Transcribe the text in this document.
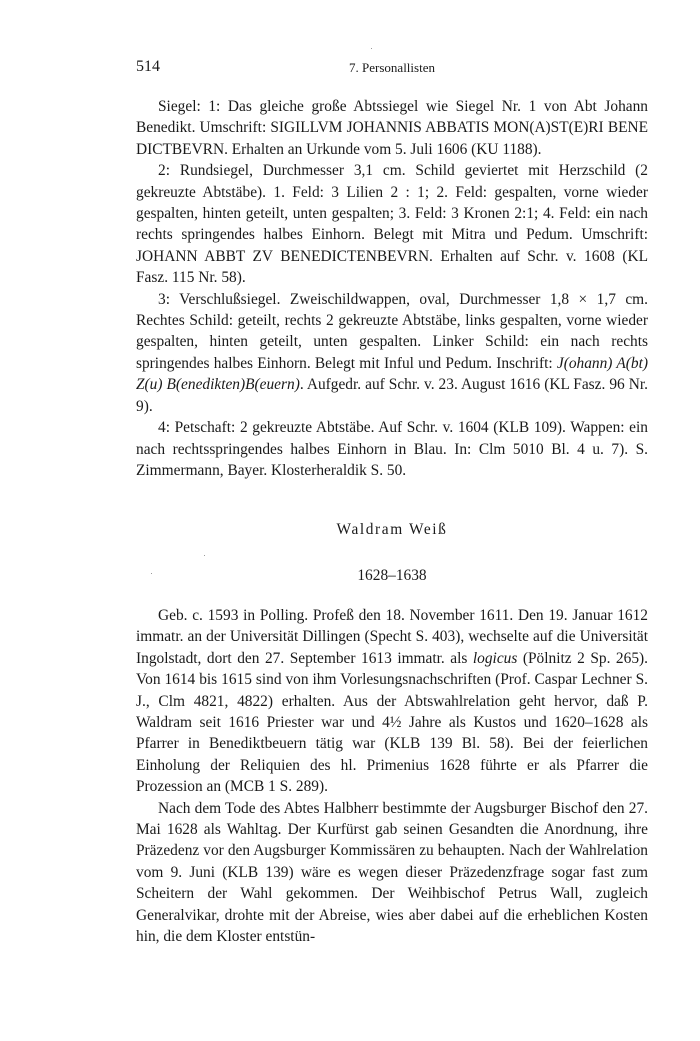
514	7. Personallisten

Siegel: 1: Das gleiche große Abtssiegel wie Siegel Nr. 1 von Abt Johann Benedikt. Umschrift: SIGILLVM JOHANNIS ABBATIS MON(A)ST(E)RI BENE DICTBEVRN. Erhalten an Urkunde vom 5. Juli 1606 (KU 1188).

2: Rundsiegel, Durchmesser 3,1 cm. Schild geviertet mit Herzschild (2 gekreuzte Abtstäbe). 1. Feld: 3 Lilien 2 : 1; 2. Feld: gespalten, vorne wieder gespalten, hinten geteilt, unten gespalten; 3. Feld: 3 Kronen 2:1; 4. Feld: ein nach rechts springendes halbes Einhorn. Belegt mit Mitra und Pedum. Umschrift: JOHANN ABBT ZV BENEDICTENBEVRN. Erhalten auf Schr. v. 1608 (KL Fasz. 115 Nr. 58).

3: Verschlußsiegel. Zweischildwappen, oval, Durchmesser 1,8 × 1,7 cm. Rechtes Schild: geteilt, rechts 2 gekreuzte Abtstäbe, links gespalten, vorne wieder gespalten, hinten geteilt, unten gespalten. Linker Schild: ein nach rechts springendes halbes Einhorn. Belegt mit Inful und Pedum. Inschrift: J(ohann) A(bt) Z(u) B(enedikten)B(euern). Aufgedr. auf Schr. v. 23. August 1616 (KL Fasz. 96 Nr. 9).

4: Petschaft: 2 gekreuzte Abtstäbe. Auf Schr. v. 1604 (KLB 109). Wappen: ein nach rechtsspringendes halbes Einhorn in Blau. In: Clm 5010 Bl. 4 u. 7). S. Zimmermann, Bayer. Klosterheraldik S. 50.

Waldram Weiß
1628–1638

Geb. c. 1593 in Polling. Profeß den 18. November 1611. Den 19. Januar 1612 immatr. an der Universität Dillingen (Specht S. 403), wechselte auf die Universität Ingolstadt, dort den 27. September 1613 immatr. als logicus (Pölnitz 2 Sp. 265). Von 1614 bis 1615 sind von ihm Vorlesungsnachschriften (Prof. Caspar Lechner S. J., Clm 4821, 4822) erhalten. Aus der Abtswahlrelation geht hervor, daß P. Waldram seit 1616 Priester war und 4½ Jahre als Kustos und 1620–1628 als Pfarrer in Benediktbeuern tätig war (KLB 139 Bl. 58). Bei der feierlichen Einholung der Reliquien des hl. Primenius 1628 führte er als Pfarrer die Prozession an (MCB 1 S. 289).

Nach dem Tode des Abtes Halbherr bestimmte der Augsburger Bischof den 27. Mai 1628 als Wahltag. Der Kurfürst gab seinen Gesandten die Anordnung, ihre Präzedenz vor den Augsburger Kommissären zu behaupten. Nach der Wahlrelation vom 9. Juni (KLB 139) wäre es wegen dieser Präzedenzfrage sogar fast zum Scheitern der Wahl gekommen. Der Weihbischof Petrus Wall, zugleich Generalvikar, drohte mit der Abreise, wies aber dabei auf die erheblichen Kosten hin, die dem Kloster entstün-
